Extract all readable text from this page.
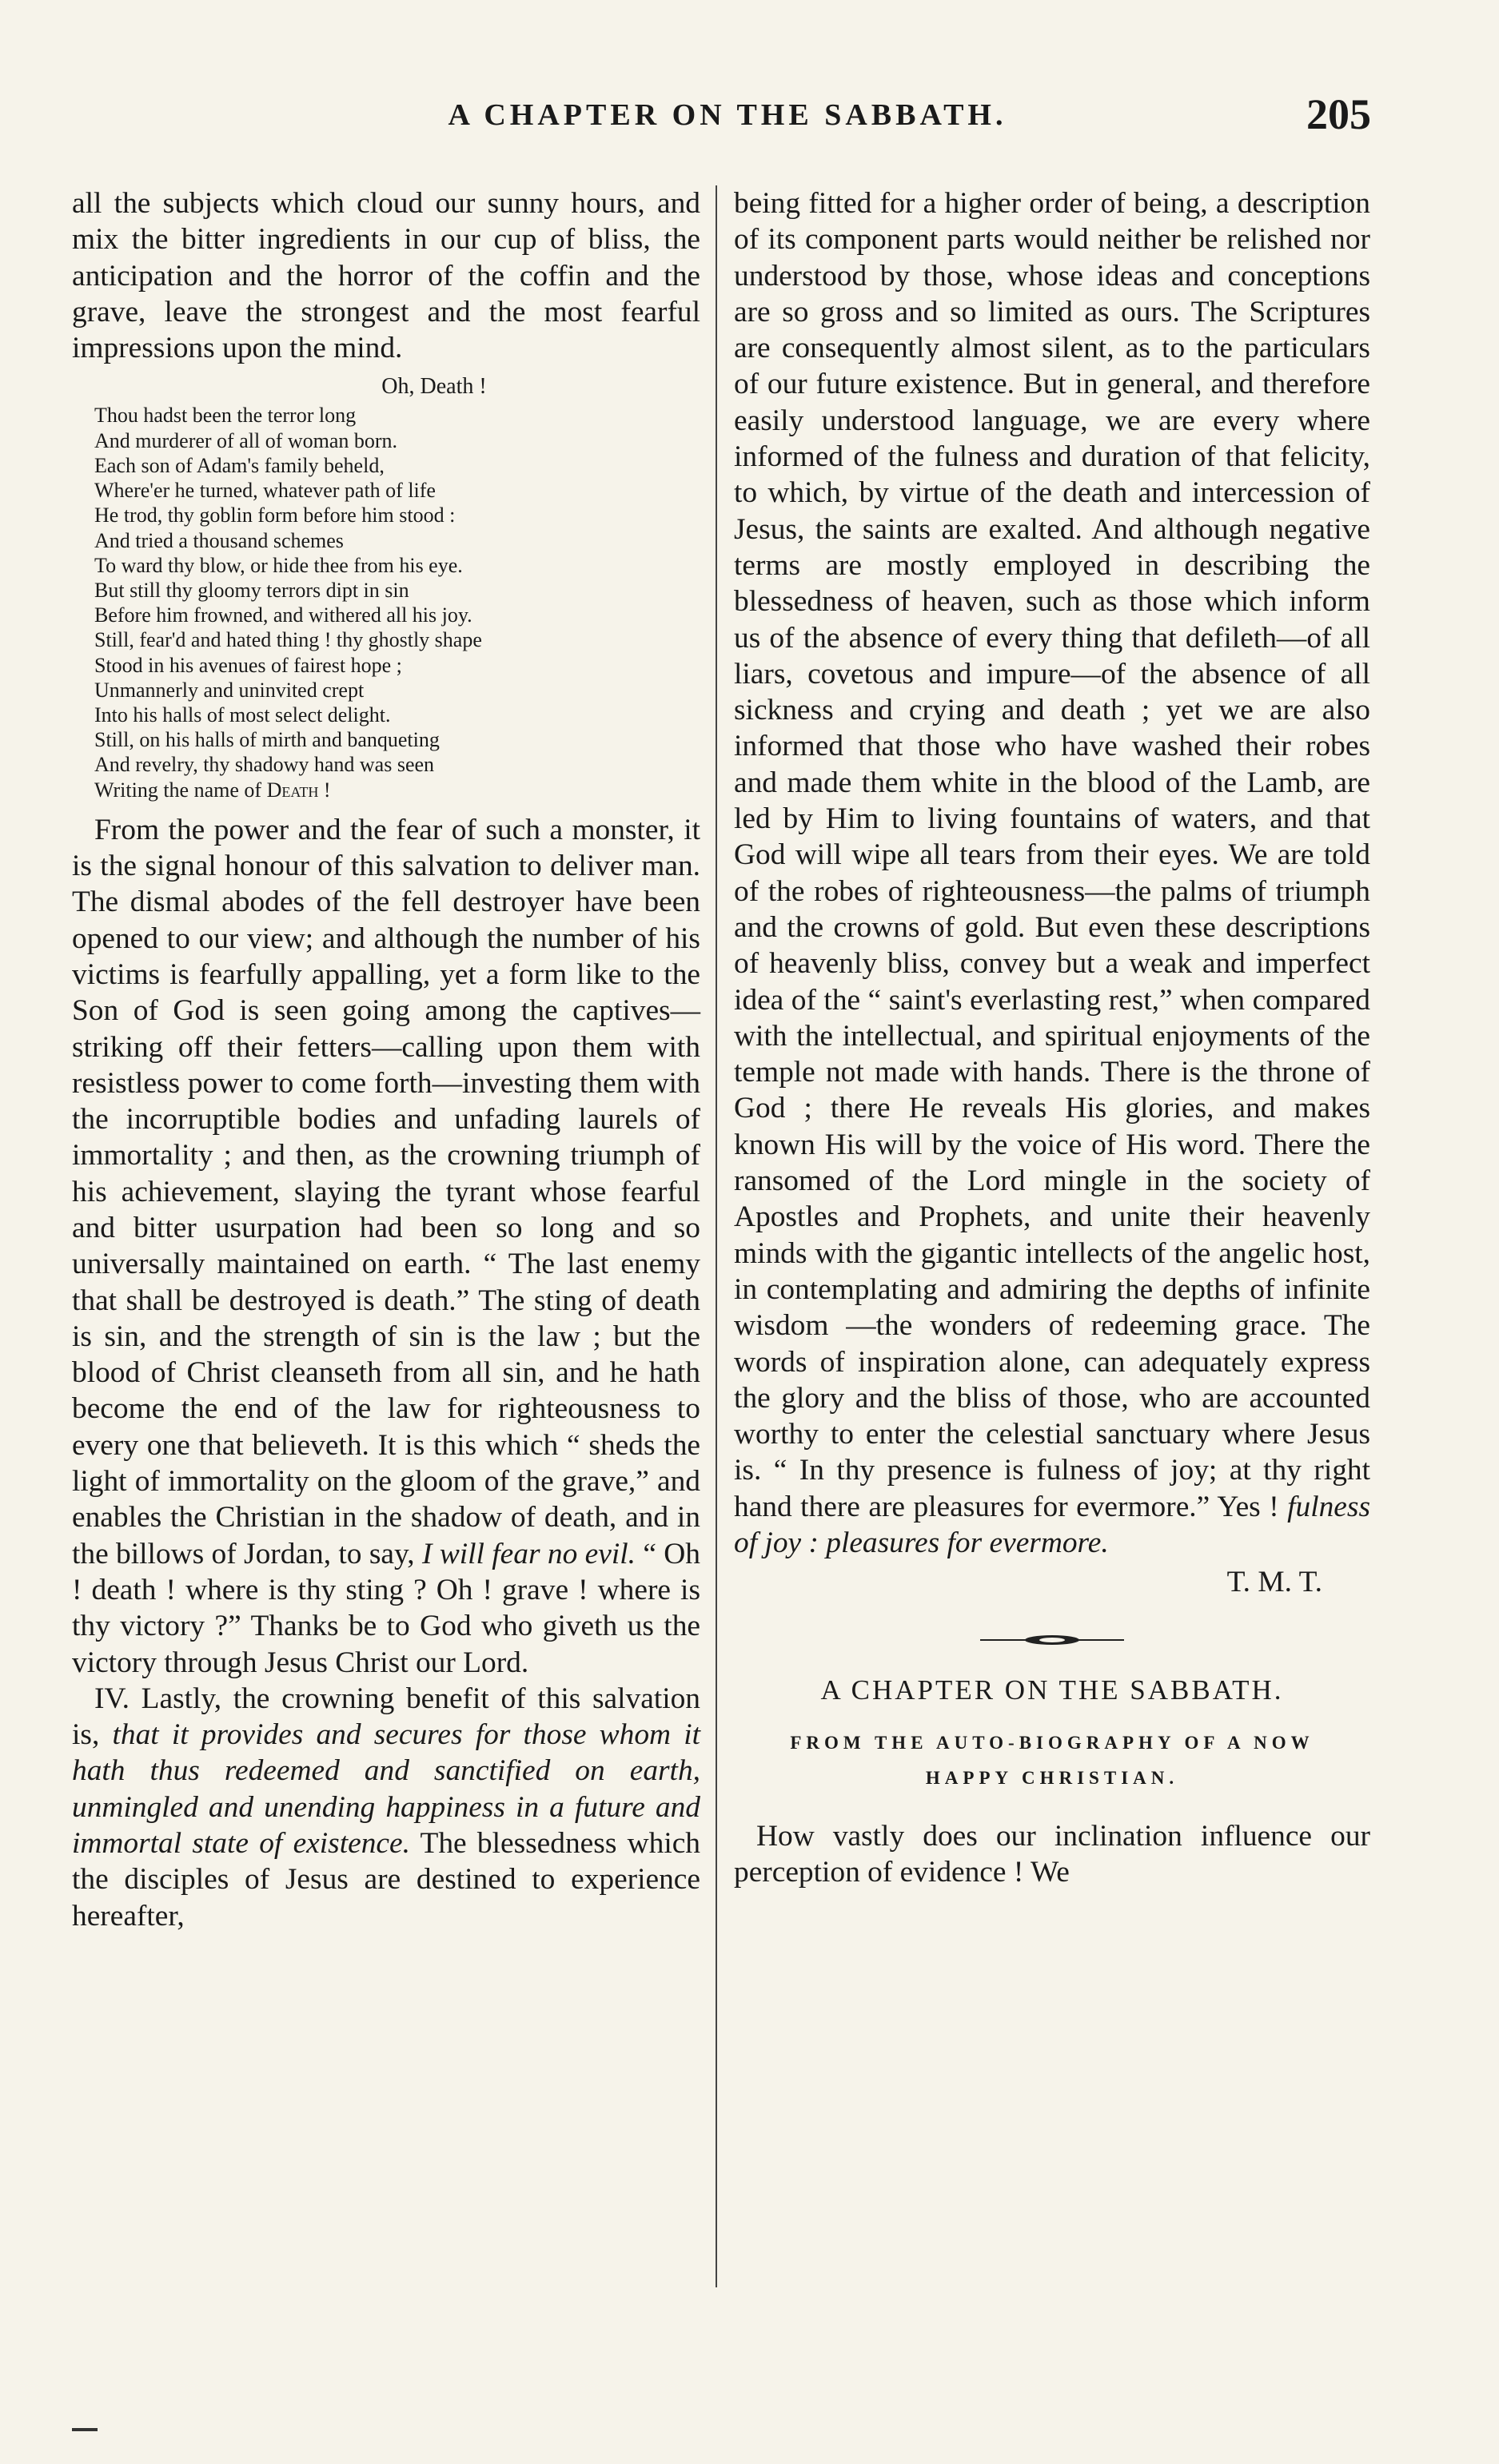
A CHAPTER ON THE SABBATH.	205

all the subjects which cloud our sunny hours, and mix the bitter ingredients in our cup of bliss, the anticipation and the horror of the coffin and the grave, leave the strongest and the most fearful impressions upon the mind.

Oh, Death !
Thou hadst been the terror long
And murderer of all of woman born.
Each son of Adam's family beheld,
Where'er he turned, whatever path of life
He trod, thy goblin form before him stood :
And tried a thousand schemes
To ward thy blow, or hide thee from his eye.
But still thy gloomy terrors dipt in sin
Before him frowned, and withered all his joy.
Still, fear'd and hated thing ! thy ghostly shape
Stood in his avenues of fairest hope ;
Unmannerly and uninvited crept
Into his halls of most select delight.
Still, on his halls of mirth and banqueting
And revelry, thy shadowy hand was seen
Writing the name of Death !

From the power and the fear of such a monster, it is the signal honour of this salvation to deliver man. The dismal abodes of the fell destroyer have been opened to our view; and although the number of his victims is fearfully appalling, yet a form like to the Son of God is seen going among the captives—striking off their fetters—calling upon them with resistless power to come forth—investing them with the incorruptible bodies and unfading laurels of immortality ; and then, as the crowning triumph of his achievement, slaying the tyrant whose fearful and bitter usurpation had been so long and so universally maintained on earth. “ The last enemy that shall be destroyed is death.” The sting of death is sin, and the strength of sin is the law ; but the blood of Christ cleanseth from all sin, and he hath become the end of the law for righteousness to every one that believeth. It is this which “ sheds the light of immortality on the gloom of the grave,” and enables the Christian in the shadow of death, and in the billows of Jordan, to say, I will fear no evil. “ Oh ! death ! where is thy sting ? Oh ! grave ! where is thy victory ?” Thanks be to God who giveth us the victory through Jesus Christ our Lord.

IV. Lastly, the crowning benefit of this salvation is, that it provides and secures for those whom it hath thus redeemed and sanctified on earth, unmingled and unending happiness in a future and immortal state of existence. The blessedness which the disciples of Jesus are destined to experience hereafter,

being fitted for a higher order of being, a description of its component parts would neither be relished nor understood by those, whose ideas and conceptions are so gross and so limited as ours. The Scriptures are consequently almost silent, as to the particulars of our future existence. But in general, and therefore easily understood language, we are every where informed of the fulness and duration of that felicity, to which, by virtue of the death and intercession of Jesus, the saints are exalted. And although negative terms are mostly employed in describing the blessedness of heaven, such as those which inform us of the absence of every thing that defileth—of all liars, covetous and impure—of the absence of all sickness and crying and death ; yet we are also informed that those who have washed their robes and made them white in the blood of the Lamb, are led by Him to living fountains of waters, and that God will wipe all tears from their eyes. We are told of the robes of righteousness—the palms of triumph and the crowns of gold. But even these descriptions of heavenly bliss, convey but a weak and imperfect idea of the “ saint's everlasting rest,” when compared with the intellectual, and spiritual enjoyments of the temple not made with hands. There is the throne of God ; there He reveals His glories, and makes known His will by the voice of His word. There the ransomed of the Lord mingle in the society of Apostles and Prophets, and unite their heavenly minds with the gigantic intellects of the angelic host, in contemplating and admiring the depths of infinite wisdom —the wonders of redeeming grace. The words of inspiration alone, can adequately express the glory and the bliss of those, who are accounted worthy to enter the celestial sanctuary where Jesus is. “ In thy presence is fulness of joy; at thy right hand there are pleasures for evermore.” Yes ! fulness of joy : pleasures for evermore.

T. M. T.
A CHAPTER ON THE SABBATH.
FROM THE AUTO-BIOGRAPHY OF A NOW
HAPPY CHRISTIAN.

How vastly does our inclination influence our perception of evidence ! We
